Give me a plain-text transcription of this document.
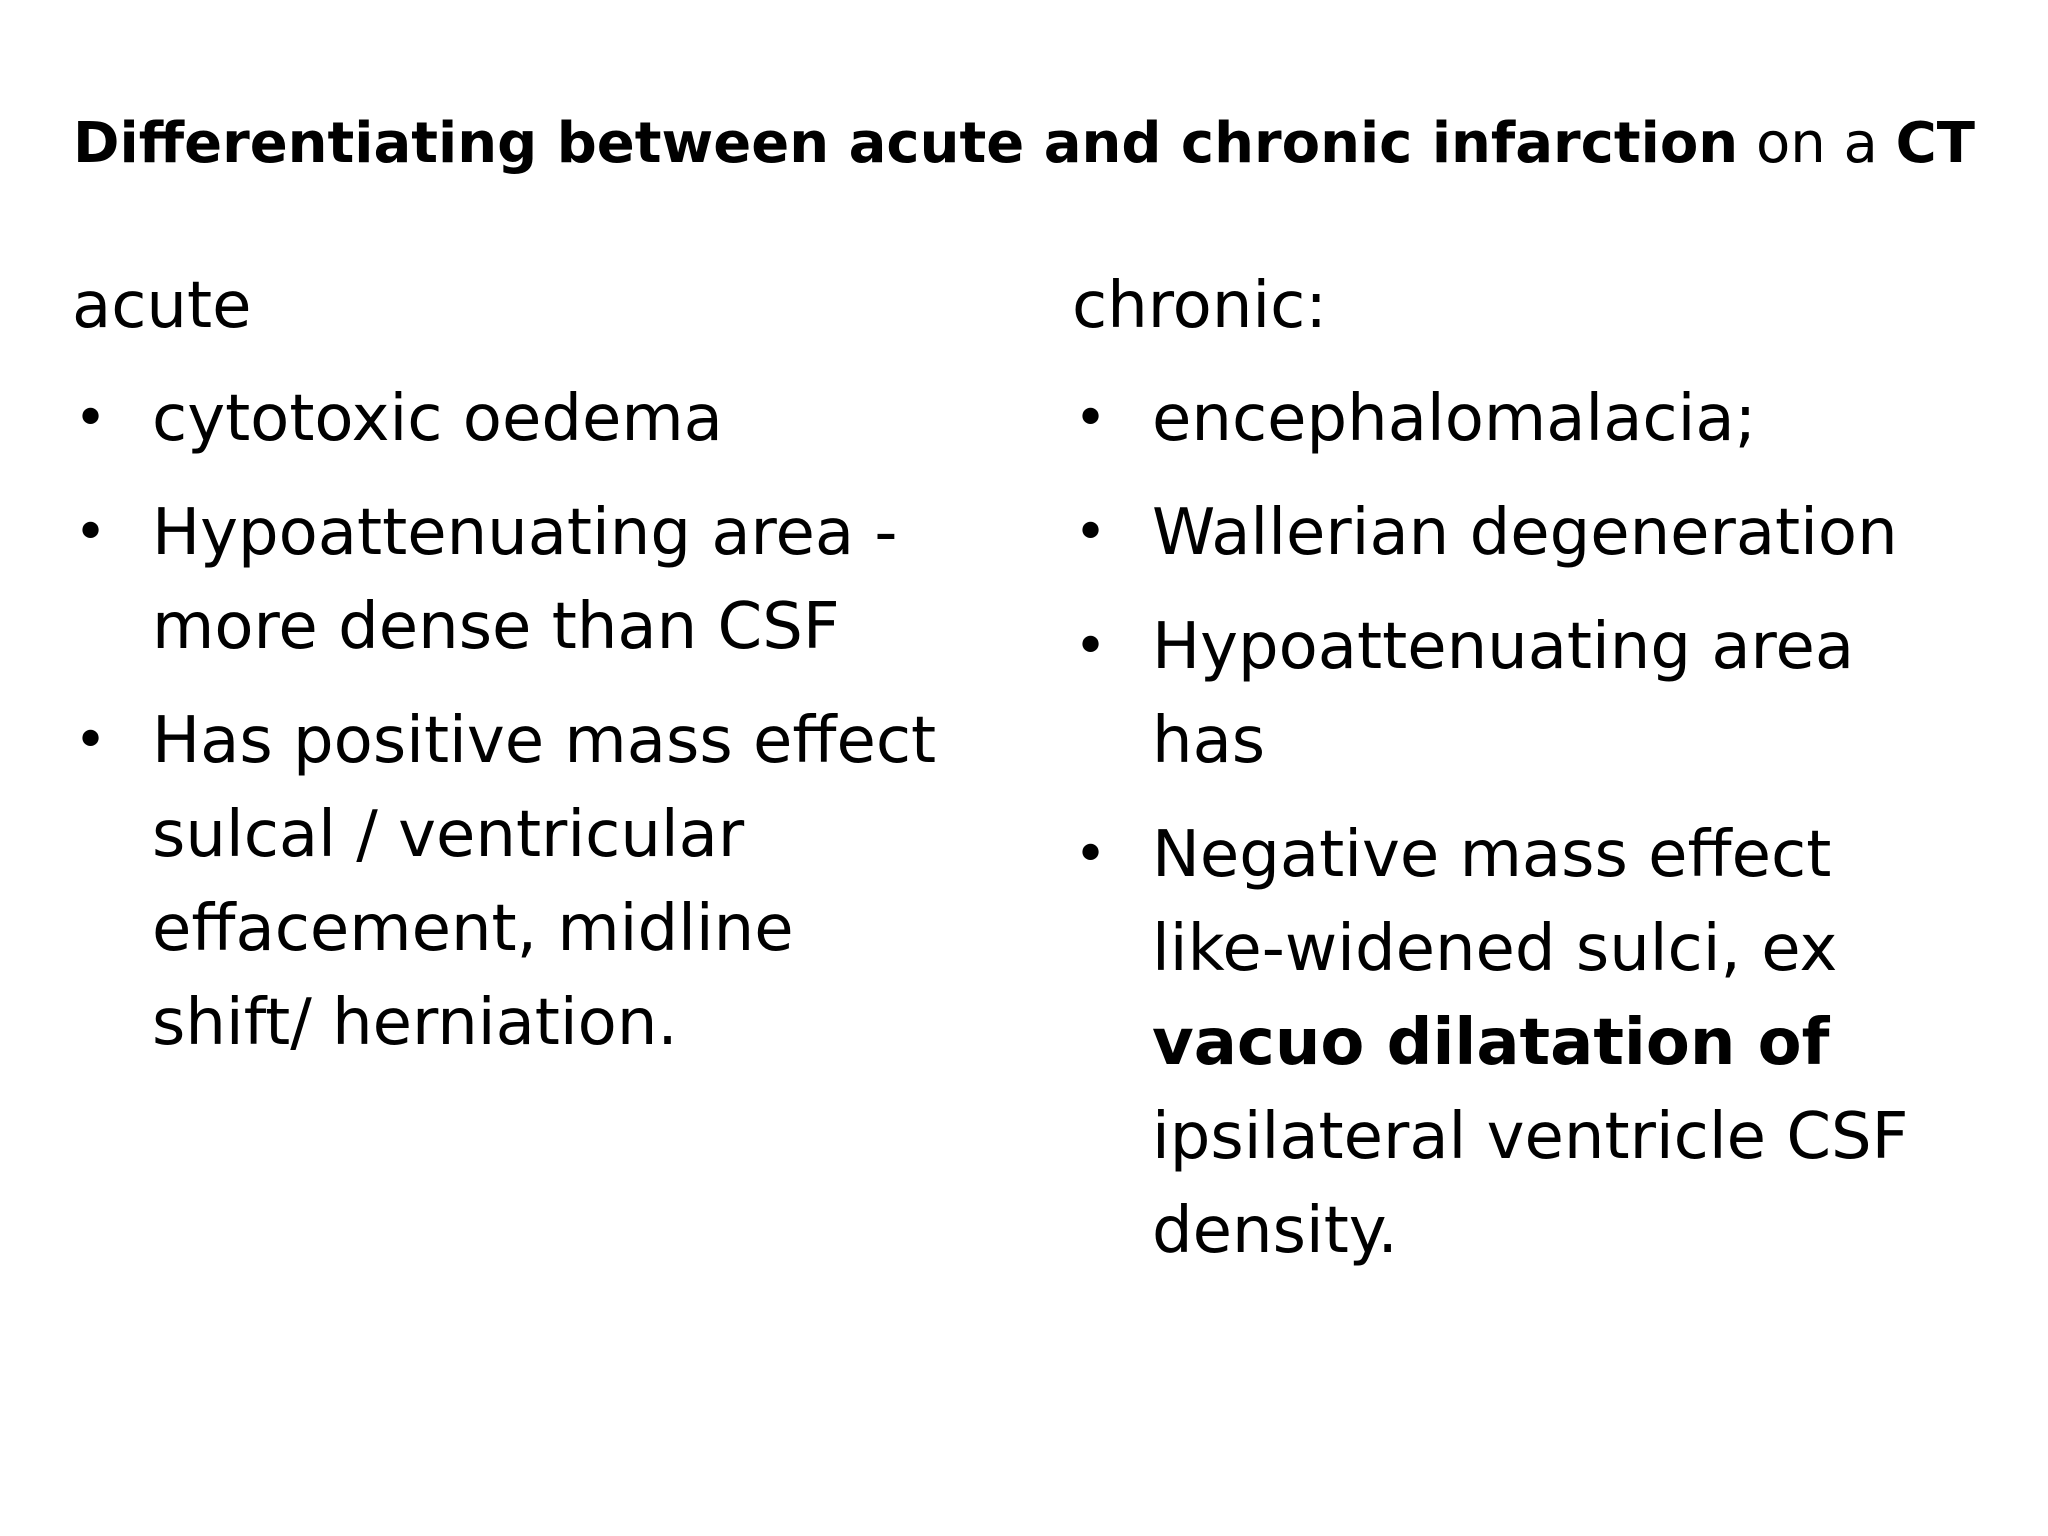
Differentiating between acute and chronic infarction on a CT
acute
• cytotoxic oedema
• Hypoattenuating area -
more dense than CSF
• Has positive mass effect
sulcal / ventricular
effacement, midline
shift/ herniation.
chronic:
• encephalomalacia;
• Wallerian degeneration
• Hypoattenuating area
has
• Negative mass effect
like-widened sulci, ex
vacuo dilatation of
ipsilateral ventricle CSF
density.
